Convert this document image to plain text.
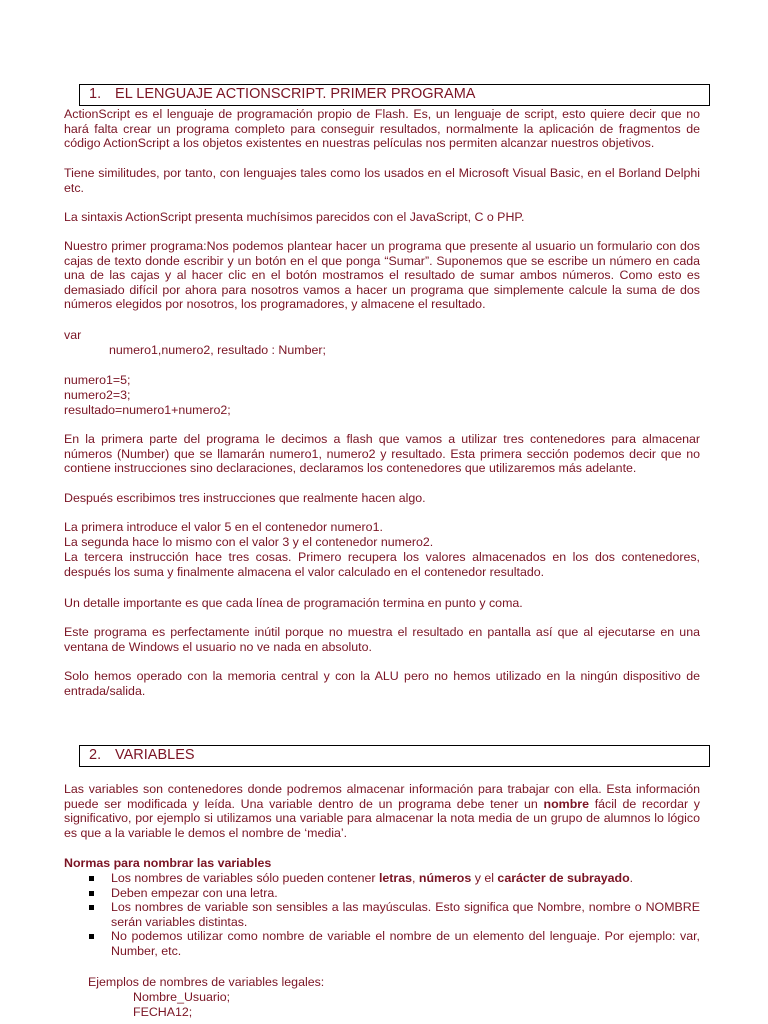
1. EL LENGUAJE ACTIONSCRIPT. PRIMER PROGRAMA

ActionScript es el lenguaje de programación propio de Flash. Es, un lenguaje de script, esto quiere decir que no hará falta crear un programa completo para conseguir resultados, normalmente la aplicación de fragmentos de código ActionScript a los objetos existentes en nuestras películas nos permiten alcanzar nuestros objetivos.

Tiene similitudes, por tanto, con lenguajes tales como los usados en el Microsoft Visual Basic, en el Borland Delphi etc.

La sintaxis ActionScript presenta muchísimos parecidos con el JavaScript, C o PHP.

Nuestro primer programa:Nos podemos plantear hacer un programa que presente al usuario un formulario con dos cajas de texto donde escribir y un botón en el que ponga “Sumar”. Suponemos que se escribe un número en cada una de las cajas y al hacer clic en el botón mostramos el resultado de sumar ambos números. Como esto es demasiado difícil por ahora para nosotros vamos a hacer un programa que simplemente calcule la suma de dos números elegidos por nosotros, los programadores, y almacene el resultado.

var

numero1,numero2, resultado : Number;

numero1=5;

numero2=3;

resultado=numero1+numero2;

En la primera parte del programa le decimos a flash que vamos a utilizar tres contenedores para almacenar números (Number) que se llamarán numero1, numero2 y resultado. Esta primera sección podemos decir que no contiene instrucciones sino declaraciones, declaramos los contenedores que utilizaremos más adelante.

Después escribimos tres instrucciones que realmente hacen algo.

La primera introduce el valor 5 en el contenedor numero1.

La segunda hace lo mismo con el valor 3 y el contenedor numero2.

La tercera instrucción hace tres cosas. Primero recupera los valores almacenados en los dos contenedores, después los suma y finalmente almacena el valor calculado en el contenedor resultado.

Un detalle importante es que cada línea de programación termina en punto y coma.

Este programa es perfectamente inútil porque no muestra el resultado en pantalla así que al ejecutarse en una ventana de Windows el usuario no ve nada en absoluto.

Solo hemos operado con la memoria central y con la ALU pero no hemos utilizado en la ningún dispositivo de entrada/salida.

2. VARIABLES

Las variables son contenedores donde podremos almacenar información para trabajar con ella. Esta información puede ser modificada y leída. Una variable dentro de un programa debe tener un nombre fácil de recordar y significativo, por ejemplo si utilizamos una variable para almacenar la nota media de un grupo de alumnos lo lógico es que a la variable le demos el nombre de ‘media’.

Normas para nombrar las variables

Los nombres de variables sólo pueden contener letras, números y el carácter de subrayado.
Deben empezar con una letra.
Los nombres de variable son sensibles a las mayúsculas. Esto significa que Nombre, nombre o NOMBRE serán variables distintas.
No podemos utilizar como nombre de variable el nombre de un elemento del lenguaje. Por ejemplo: var, Number, etc.

Ejemplos de nombres de variables legales:

Nombre_Usuario;

FECHA12;
